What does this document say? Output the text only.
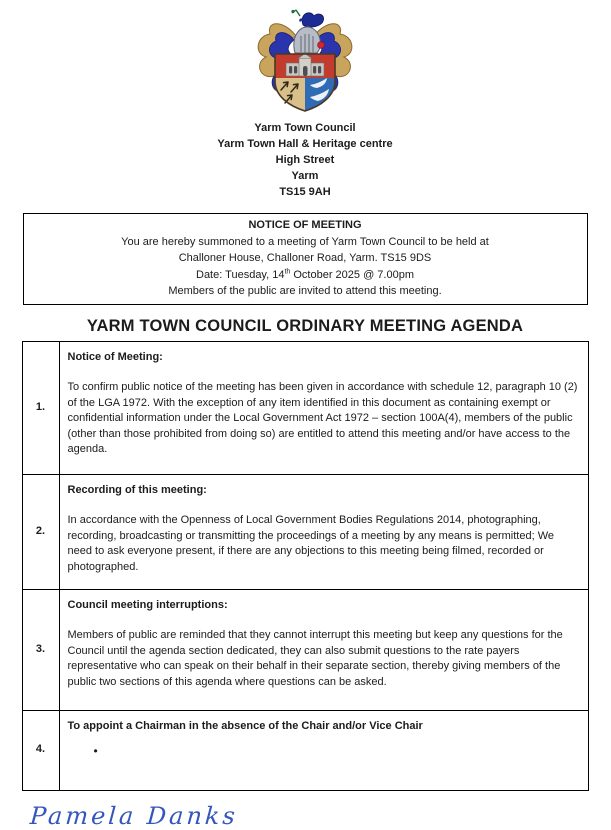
Yarm Town Council
Yarm Town Hall & Heritage centre
High Street
Yarm
TS15 9AH
NOTICE OF MEETING
You are hereby summoned to a meeting of Yarm Town Council to be held at
Challoner House, Challoner Road, Yarm. TS15 9DS
Date: Tuesday, 14th October 2025 @ 7.00pm
Members of the public are invited to attend this meeting.
YARM TOWN COUNCIL ORDINARY MEETING AGENDA
1.	Notice of Meeting:
To confirm public notice of the meeting has been given in accordance with schedule 12, paragraph 10 (2) of the LGA 1972. With the exception of any item identified in this document as containing exempt or confidential information under the Local Government Act 1972 – section 100A(4), members of the public (other than those prohibited from doing so) are entitled to attend this meeting and/or have access to the agenda.

2.	Recording of this meeting:
In accordance with the Openness of Local Government Bodies Regulations 2014, photographing, recording, broadcasting or transmitting the proceedings of a meeting by any means is permitted; We need to ask everyone present, if there are any objections to this meeting being filmed, recorded or photographed.

3.	Council meeting interruptions:
Members of public are reminded that they cannot interrupt this meeting but keep any questions for the Council until the agenda section dedicated, they can also submit questions to the rate payers representative who can speak on their behalf in their separate section, thereby giving members of the public two sections of this agenda where questions can be asked.

4.	To appoint a Chairman in the absence of the Chair and/or Vice Chair
•
Pamela Danks
